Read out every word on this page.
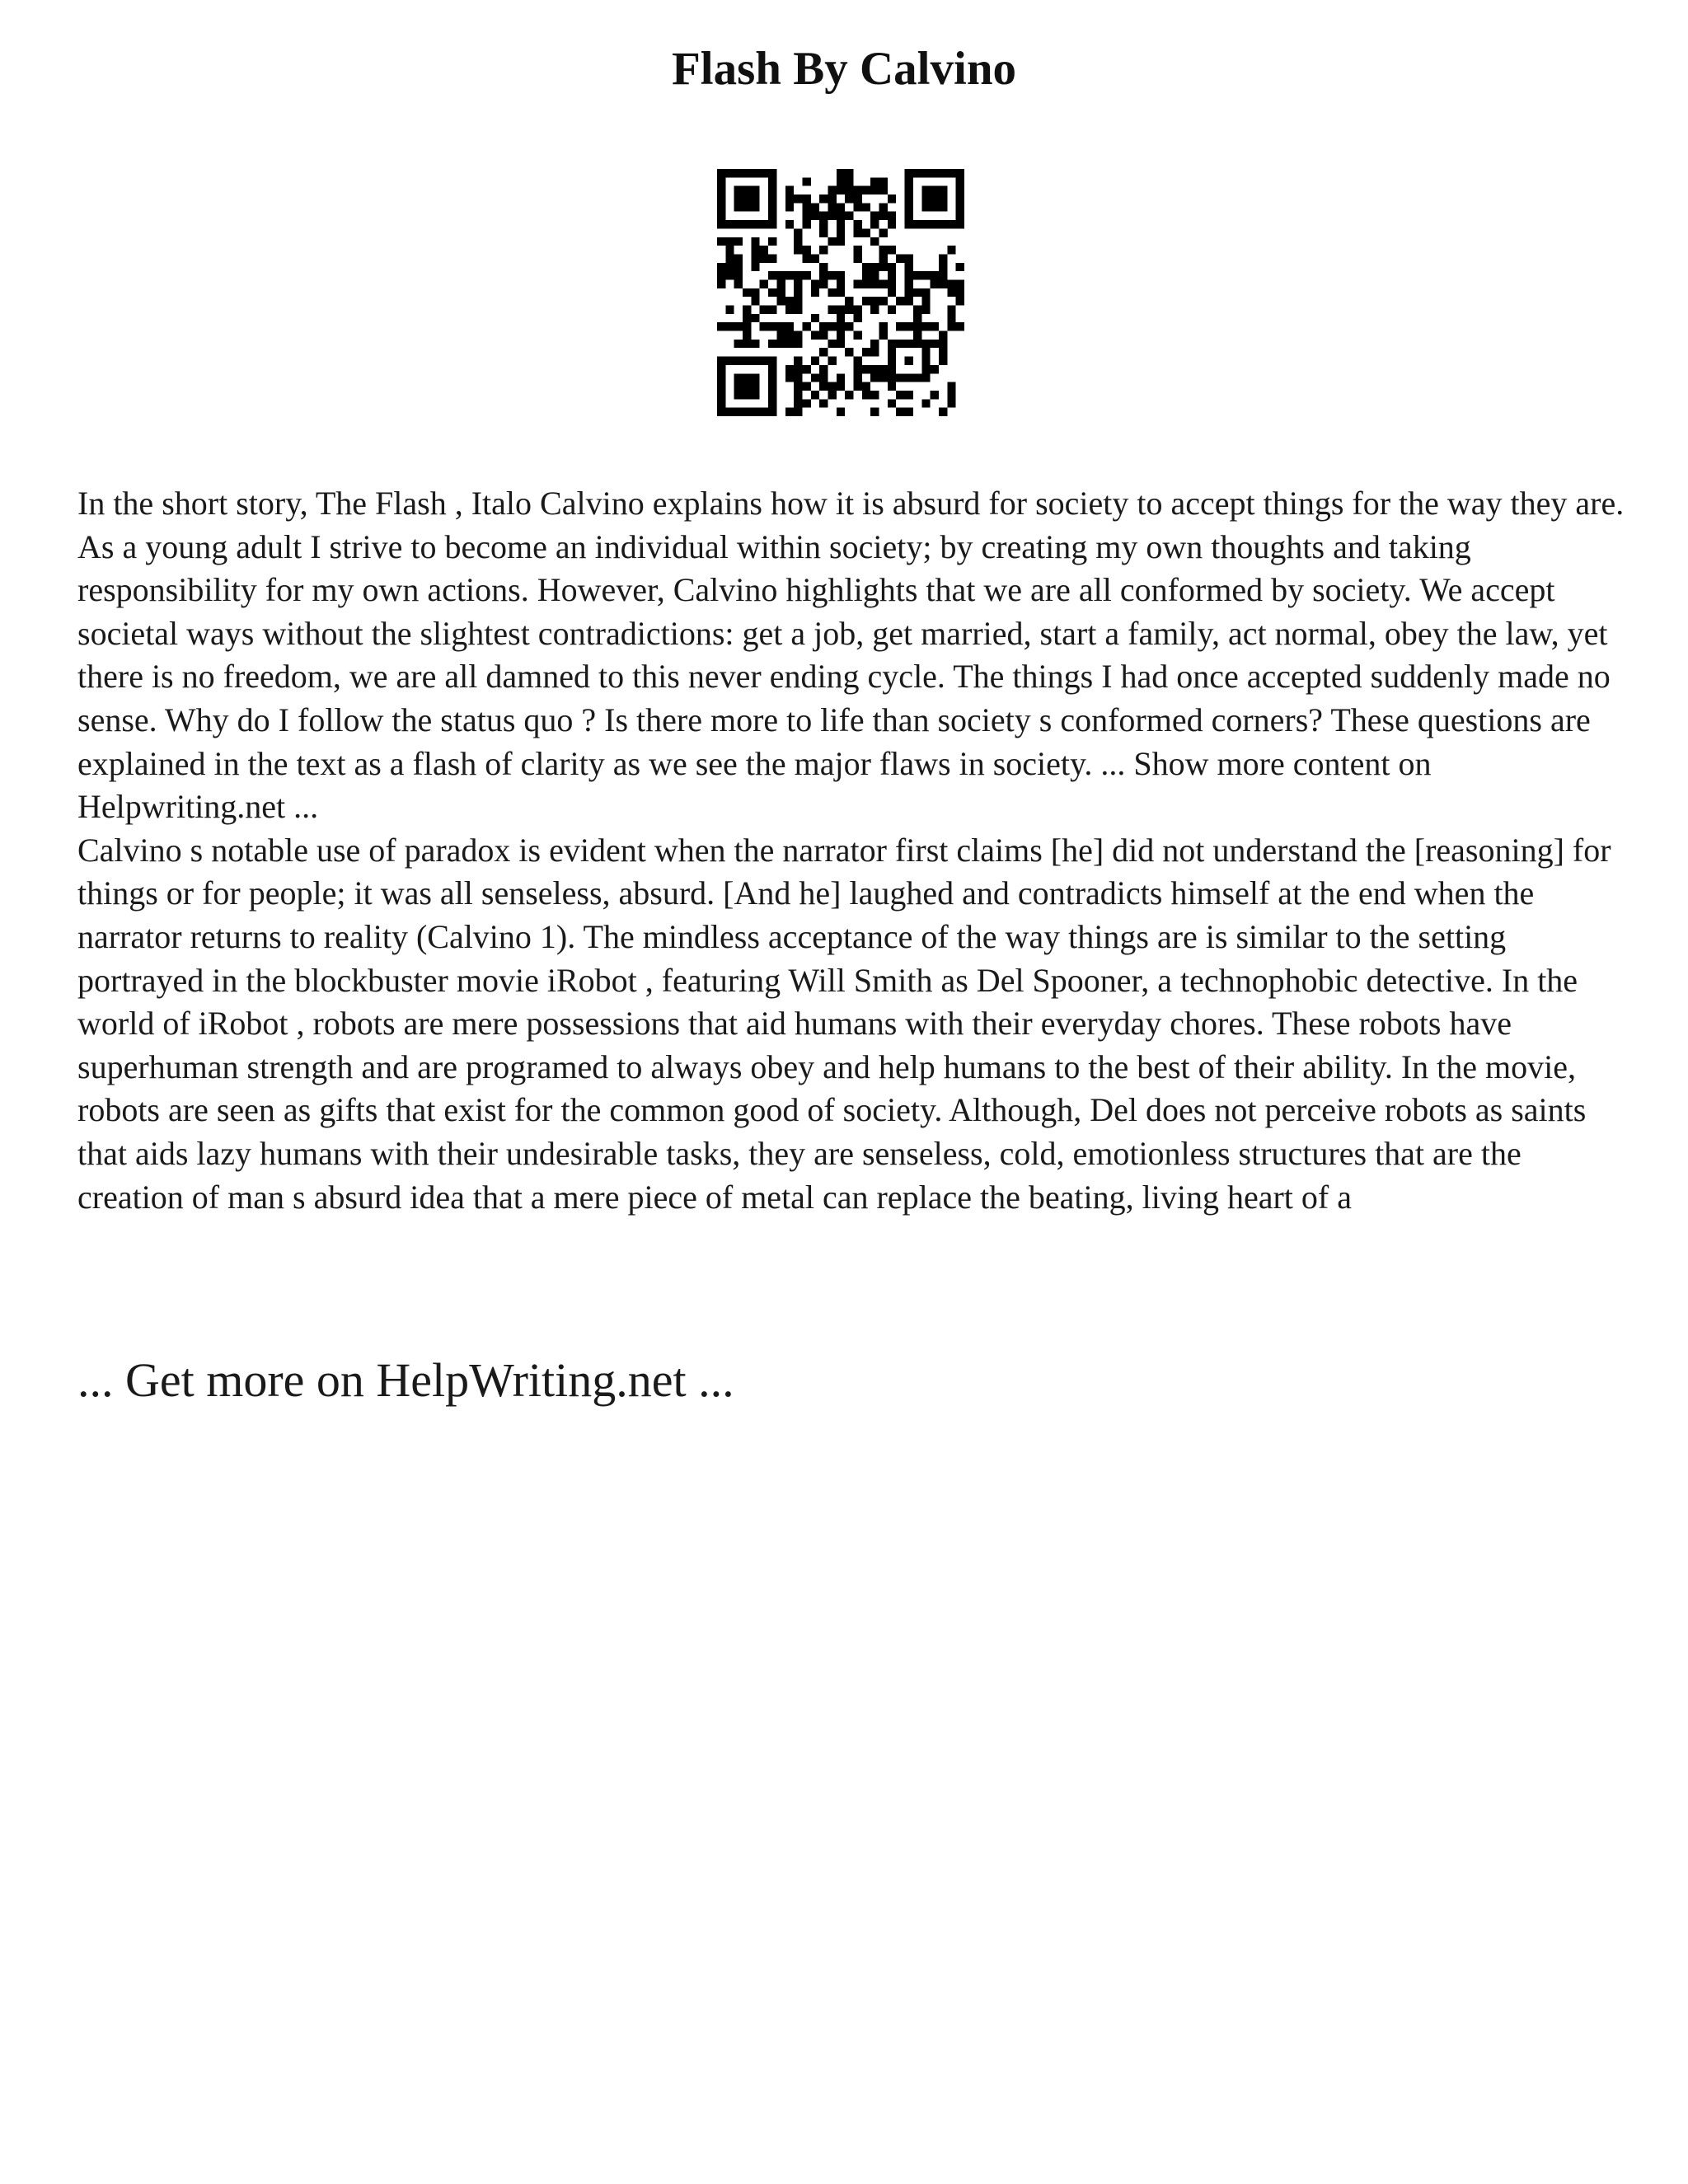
Flash By Calvino

In the short story, The Flash , Italo Calvino explains how it is absurd for society to accept things for the way they are. As a young adult I strive to become an individual within society; by creating my own thoughts and taking responsibility for my own actions. However, Calvino highlights that we are all conformed by society. We accept societal ways without the slightest contradictions: get a job, get married, start a family, act normal, obey the law, yet there is no freedom, we are all damned to this never ending cycle. The things I had once accepted suddenly made no sense. Why do I follow the status quo ? Is there more to life than society s conformed corners? These questions are explained in the text as a flash of clarity as we see the major flaws in society. ... Show more content on Helpwriting.net ...

Calvino s notable use of paradox is evident when the narrator first claims [he] did not understand the [reasoning] for things or for people; it was all senseless, absurd. [And he] laughed and contradicts himself at the end when the narrator returns to reality (Calvino 1). The mindless acceptance of the way things are is similar to the setting portrayed in the blockbuster movie iRobot , featuring Will Smith as Del Spooner, a technophobic detective. In the world of iRobot , robots are mere possessions that aid humans with their everyday chores. These robots have superhuman strength and are programed to always obey and help humans to the best of their ability. In the movie, robots are seen as gifts that exist for the common good of society. Although, Del does not perceive robots as saints that aids lazy humans with their undesirable tasks, they are senseless, cold, emotionless structures that are the creation of man s absurd idea that a mere piece of metal can replace the beating, living heart of a

... Get more on HelpWriting.net ...
